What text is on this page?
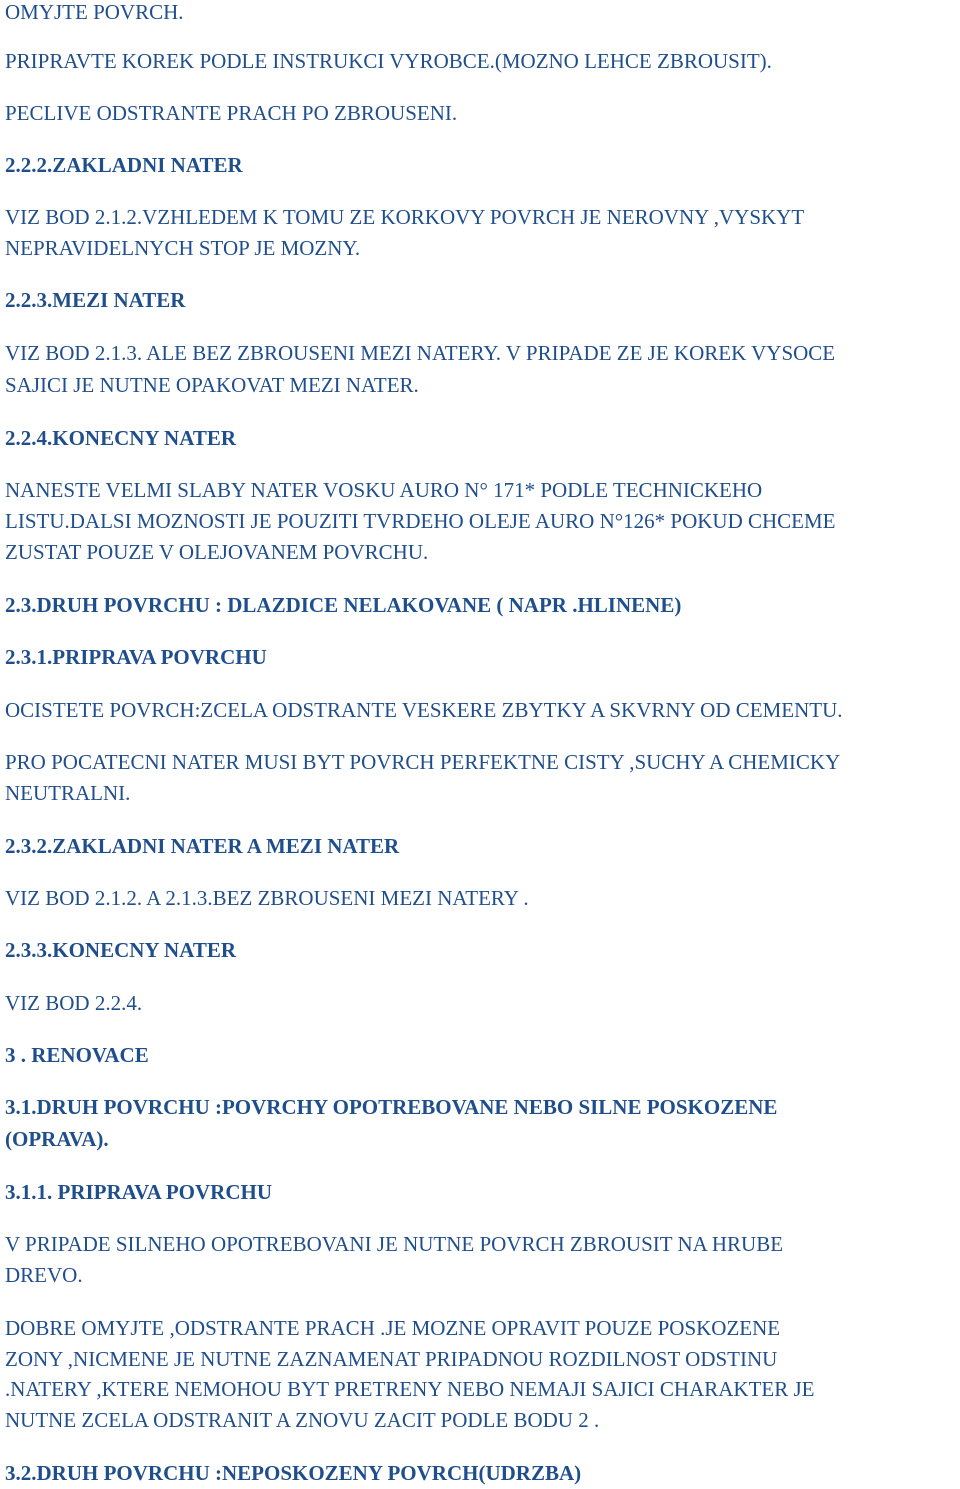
OMYJTE POVRCH.

PRIPRAVTE KOREK PODLE INSTRUKCI VYROBCE.(MOZNO LEHCE ZBROUSIT).

PECLIVE ODSTRANTE PRACH PO ZBROUSENI.

2.2.2.ZAKLADNI NATER

VIZ BOD 2.1.2.VZHLEDEM K TOMU ZE KORKOVY POVRCH JE NEROVNY ,VYSKYT

NEPRAVIDELNYCH STOP JE MOZNY.

2.2.3.MEZI NATER

VIZ BOD 2.1.3. ALE BEZ ZBROUSENI MEZI NATERY. V PRIPADE ZE JE KOREK VYSOCE

SAJICI JE NUTNE OPAKOVAT MEZI NATER.

2.2.4.KONECNY NATER

NANESTE VELMI SLABY NATER VOSKU AURO N° 171* PODLE TECHNICKEHO

LISTU.DALSI MOZNOSTI JE POUZITI TVRDEHO OLEJE AURO N°126* POKUD CHCEME

ZUSTAT POUZE V OLEJOVANEM POVRCHU.

2.3.DRUH POVRCHU : DLAZDICE NELAKOVANE ( NAPR .HLINENE)

2.3.1.PRIPRAVA POVRCHU

OCISTETE POVRCH:ZCELA ODSTRANTE VESKERE ZBYTKY A SKVRNY OD CEMENTU.

PRO POCATECNI NATER MUSI BYT POVRCH PERFEKTNE CISTY ,SUCHY A CHEMICKY

NEUTRALNI.

2.3.2.ZAKLADNI NATER A MEZI NATER

VIZ BOD 2.1.2. A 2.1.3.BEZ ZBROUSENI MEZI NATERY .

2.3.3.KONECNY NATER

VIZ BOD 2.2.4.

3 . RENOVACE

3.1.DRUH POVRCHU :POVRCHY OPOTREBOVANE NEBO SILNE POSKOZENE

(OPRAVA).

3.1.1. PRIPRAVA POVRCHU

V PRIPADE SILNEHO OPOTREBOVANI JE NUTNE POVRCH ZBROUSIT NA HRUBE

DREVO.

DOBRE OMYJTE ,ODSTRANTE PRACH .JE MOZNE OPRAVIT POUZE POSKOZENE

ZONY ,NICMENE JE NUTNE ZAZNAMENAT PRIPADNOU ROZDILNOST ODSTINU

.NATERY ,KTERE NEMOHOU BYT PRETRENY NEBO NEMAJI SAJICI CHARAKTER JE

NUTNE ZCELA ODSTRANIT A ZNOVU ZACIT PODLE BODU 2 .

3.2.DRUH POVRCHU :NEPOSKOZENY POVRCH(UDRZBA)
